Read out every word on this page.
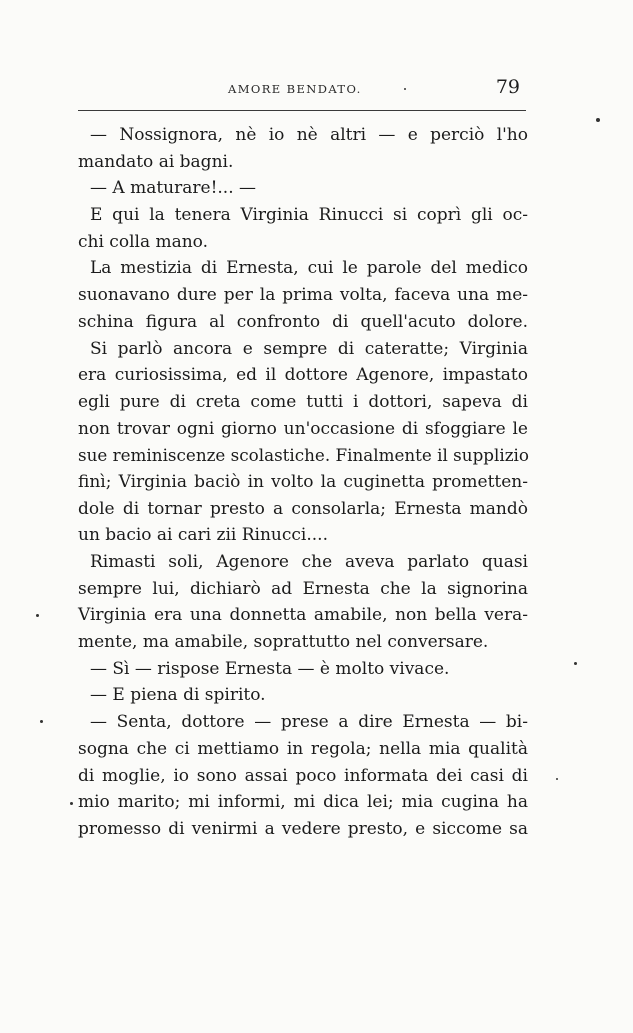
AMORE BENDATO.	79
— Nossignora, nè io nè altri — e perciò l'ho
mandato ai bagni.
— A maturare!... —
E qui la tenera Virginia Rinucci si coprì gli oc-
chi colla mano.
La mestizia di Ernesta, cui le parole del medico
suonavano dure per la prima volta, faceva una me-
schina figura al confronto di quell'acuto dolore.
Si parlò ancora e sempre di cateratte; Virginia
era curiosissima, ed il dottore Agenore, impastato
egli pure di creta come tutti i dottori, sapeva di
non trovar ogni giorno un'occasione di sfoggiare le
sue reminiscenze scolastiche. Finalmente il supplizio
finì; Virginia baciò in volto la cuginetta prometten-
dole di tornar presto a consolarla; Ernesta mandò
un bacio ai cari zii Rinucci....
Rimasti soli, Agenore che aveva parlato quasi
sempre lui, dichiarò ad Ernesta che la signorina
Virginia era una donnetta amabile, non bella vera-
mente, ma amabile, soprattutto nel conversare.
— Sì — rispose Ernesta — è molto vivace.
— E piena di spirito.
— Senta, dottore — prese a dire Ernesta — bi-
sogna che ci mettiamo in regola; nella mia qualità
di moglie, io sono assai poco informata dei casi di
mio marito; mi informi, mi dica lei; mia cugina ha
promesso di venirmi a vedere presto, e siccome sa
